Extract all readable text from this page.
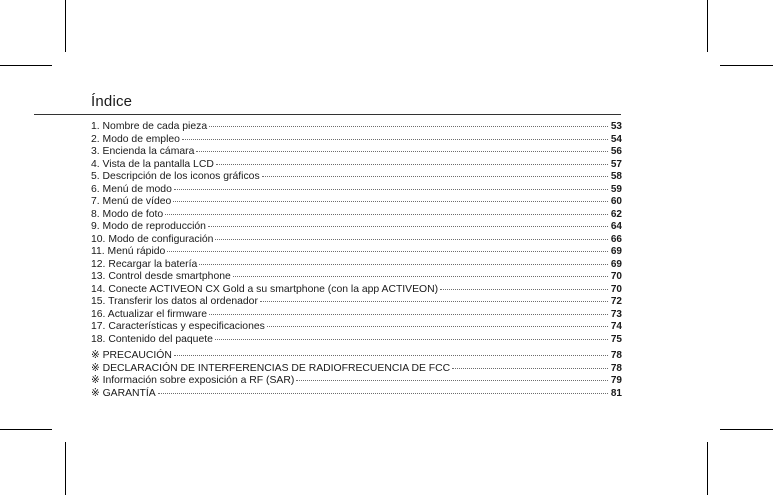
Índice
1. Nombre de cada pieza	53
2. Modo de empleo	54
3. Encienda la cámara	56
4. Vista de la pantalla LCD	57
5. Descripción de los iconos gráficos	58
6. Menú de modo	59
7. Menú de vídeo	60
8. Modo de foto	62
9. Modo de reproducción	64
10. Modo de configuración	66
11. Menú rápido	69
12. Recargar la batería	69
13. Control desde smartphone	70
14. Conecte ACTIVEON CX Gold a su smartphone (con la app ACTIVEON)	70
15. Transferir los datos al ordenador	72
16. Actualizar el firmware	73
17. Características y especificaciones	74
18. Contenido del paquete	75
※ PRECAUCIÓN	78
※ DECLARACIÓN DE INTERFERENCIAS DE RADIOFRECUENCIA DE FCC	78
※ Información sobre exposición a RF (SAR)	79
※ GARANTÍA	81
